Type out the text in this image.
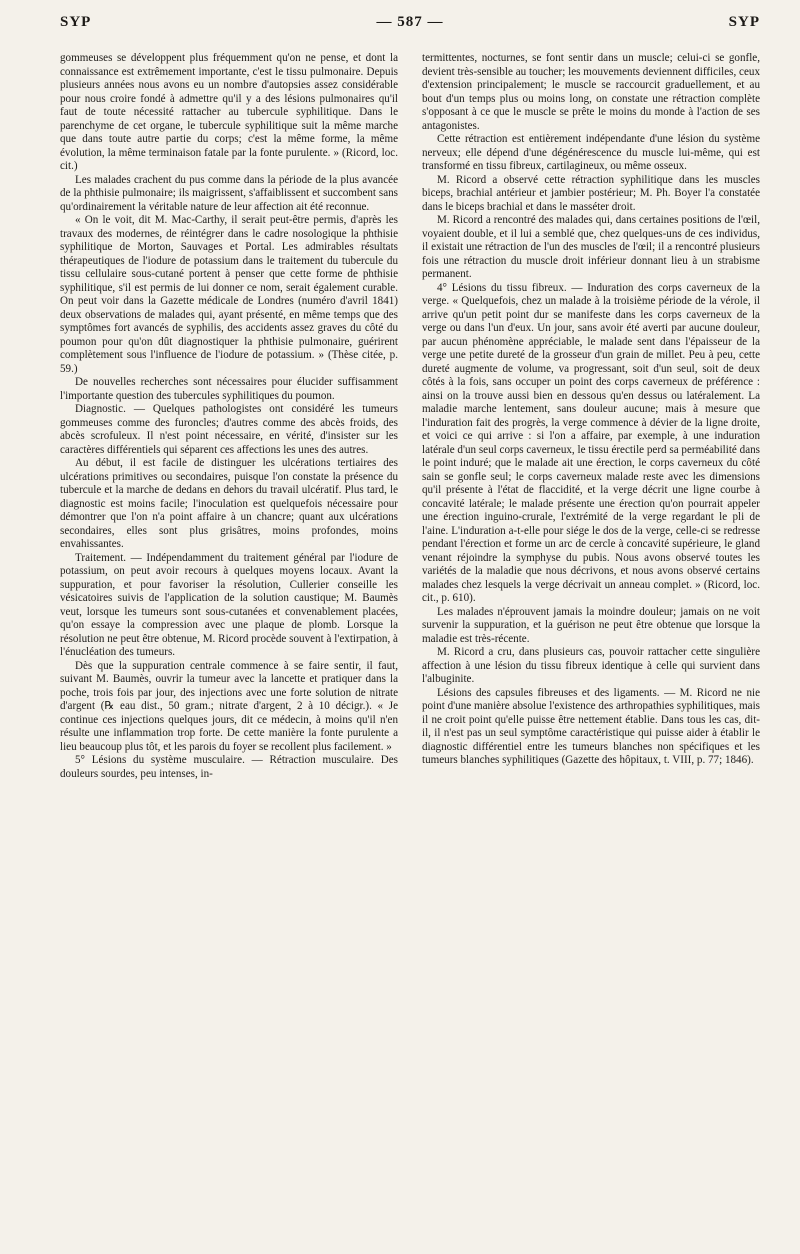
SYP	— 587 —	SYP

gommeuses se développent plus fréquemment qu'on ne pense, et dont la connaissance est extrêmement importante, c'est le tissu pulmonaire. Depuis plusieurs années nous avons eu un nombre d'autopsies assez considérable pour nous croire fondé à admettre qu'il y a des lésions pulmonaires qu'il faut de toute nécessité rattacher au tubercule syphilitique. Dans le parenchyme de cet organe, le tubercule syphilitique suit la même marche que dans toute autre partie du corps; c'est la même forme, la même évolution, la même terminaison fatale par la fonte purulente. » (Ricord, loc. cit.)

Les malades crachent du pus comme dans la période de la plus avancée de la phthisie pulmonaire; ils maigrissent, s'affaiblissent et succombent sans qu'ordinairement la véritable nature de leur affection ait été reconnue.

« On le voit, dit M. Mac-Carthy, il serait peut-être permis, d'après les travaux des modernes, de réintégrer dans le cadre nosologique la phthisie syphilitique de Morton, Sauvages et Portal. Les admirables résultats thérapeutiques de l'iodure de potassium dans le traitement du tubercule du tissu cellulaire sous-cutané portent à penser que cette forme de phthisie syphilitique, s'il est permis de lui donner ce nom, serait également curable. On peut voir dans la Gazette médicale de Londres (numéro d'avril 1841) deux observations de malades qui, ayant présenté, en même temps que des symptômes fort avancés de syphilis, des accidents assez graves du côté du poumon pour qu'on dût diagnostiquer la phthisie pulmonaire, guérirent complètement sous l'influence de l'iodure de potassium. » (Thèse citée, p. 59.)

De nouvelles recherches sont nécessaires pour élucider suffisamment l'importante question des tubercules syphilitiques du poumon.

Diagnostic. — Quelques pathologistes ont considéré les tumeurs gommeuses comme des furoncles; d'autres comme des abcès froids, des abcès scrofuleux. Il n'est point nécessaire, en vérité, d'insister sur les caractères différentiels qui séparent ces affections les unes des autres.

Au début, il est facile de distinguer les ulcérations tertiaires des ulcérations primitives ou secondaires, puisque l'on constate la présence du tubercule et la marche de dedans en dehors du travail ulcératif. Plus tard, le diagnostic est moins facile; l'inoculation est quelquefois nécessaire pour démontrer que l'on n'a point affaire à un chancre; quant aux ulcérations secondaires, elles sont plus grisâtres, moins profondes, moins envahissantes.

Traitement. — Indépendamment du traitement général par l'iodure de potassium, on peut avoir recours à quelques moyens locaux. Avant la suppuration, et pour favoriser la résolution, Cullerier conseille les vésicatoires suivis de l'application de la solution caustique; M. Baumès veut, lorsque les tumeurs sont sous-cutanées et convenablement placées, qu'on essaye la compression avec une plaque de plomb. Lorsque la résolution ne peut être obtenue, M. Ricord procède souvent à l'extirpation, à l'énucléation des tumeurs.

Dès que la suppuration centrale commence à se faire sentir, il faut, suivant M. Baumès, ouvrir la tumeur avec la lancette et pratiquer dans la poche, trois fois par jour, des injections avec une forte solution de nitrate d'argent (℞ eau dist., 50 gram.; nitrate d'argent, 2 à 10 décigr.). « Je continue ces injections quelques jours, dit ce médecin, à moins qu'il n'en résulte une inflammation trop forte. De cette manière la fonte purulente a lieu beaucoup plus tôt, et les parois du foyer se recollent plus facilement. »

5° Lésions du système musculaire. — Rétraction musculaire. Des douleurs sourdes, peu intenses, in-

termittentes, nocturnes, se font sentir dans un muscle; celui-ci se gonfle, devient très-sensible au toucher; les mouvements deviennent difficiles, ceux d'extension principalement; le muscle se raccourcit graduellement, et au bout d'un temps plus ou moins long, on constate une rétraction complète s'opposant à ce que le muscle se prête le moins du monde à l'action de ses antagonistes.

Cette rétraction est entièrement indépendante d'une lésion du système nerveux; elle dépend d'une dégénérescence du muscle lui-même, qui est transformé en tissu fibreux, cartilagineux, ou même osseux.

M. Ricord a observé cette rétraction syphilitique dans les muscles biceps, brachial antérieur et jambier postérieur; M. Ph. Boyer l'a constatée dans le biceps brachial et dans le masséter droit.

M. Ricord a rencontré des malades qui, dans certaines positions de l'œil, voyaient double, et il lui a semblé que, chez quelques-uns de ces individus, il existait une rétraction de l'un des muscles de l'œil; il a rencontré plusieurs fois une rétraction du muscle droit inférieur donnant lieu à un strabisme permanent.

4° Lésions du tissu fibreux. — Induration des corps caverneux de la verge. « Quelquefois, chez un malade à la troisième période de la vérole, il arrive qu'un petit point dur se manifeste dans les corps caverneux de la verge ou dans l'un d'eux. Un jour, sans avoir été averti par aucune douleur, par aucun phénomène appréciable, le malade sent dans l'épaisseur de la verge une petite dureté de la grosseur d'un grain de millet. Peu à peu, cette dureté augmente de volume, va progressant, soit d'un seul, soit de deux côtés à la fois, sans occuper un point des corps caverneux de préférence : ainsi on la trouve aussi bien en dessous qu'en dessus ou latéralement. La maladie marche lentement, sans douleur aucune; mais à mesure que l'induration fait des progrès, la verge commence à dévier de la ligne droite, et voici ce qui arrive : si l'on a affaire, par exemple, à une induration latérale d'un seul corps caverneux, le tissu érectile perd sa perméabilité dans le point induré; que le malade ait une érection, le corps caverneux du côté sain se gonfle seul; le corps caverneux malade reste avec les dimensions qu'il présente à l'état de flaccidité, et la verge décrit une ligne courbe à concavité latérale; le malade présente une érection qu'on pourrait appeler une érection inguino-crurale, l'extrémité de la verge regardant le pli de l'aine. L'induration a-t-elle pour siége le dos de la verge, celle-ci se redresse pendant l'érection et forme un arc de cercle à concavité supérieure, le gland venant réjoindre la symphyse du pubis. Nous avons observé toutes les variétés de la maladie que nous décrivons, et nous avons observé certains malades chez lesquels la verge décrivait un anneau complet. » (Ricord, loc. cit., p. 610).

Les malades n'éprouvent jamais la moindre douleur; jamais on ne voit survenir la suppuration, et la guérison ne peut être obtenue que lorsque la maladie est très-récente.

M. Ricord a cru, dans plusieurs cas, pouvoir rattacher cette singulière affection à une lésion du tissu fibreux identique à celle qui survient dans l'albuginite.

Lésions des capsules fibreuses et des ligaments. — M. Ricord ne nie point d'une manière absolue l'existence des arthropathies syphilitiques, mais il ne croit point qu'elle puisse être nettement établie. Dans tous les cas, dit-il, il n'est pas un seul symptôme caractéristique qui puisse aider à établir le diagnostic différentiel entre les tumeurs blanches non spécifiques et les tumeurs blanches syphilitiques (Gazette des hôpitaux, t. VIII, p. 77; 1846).
